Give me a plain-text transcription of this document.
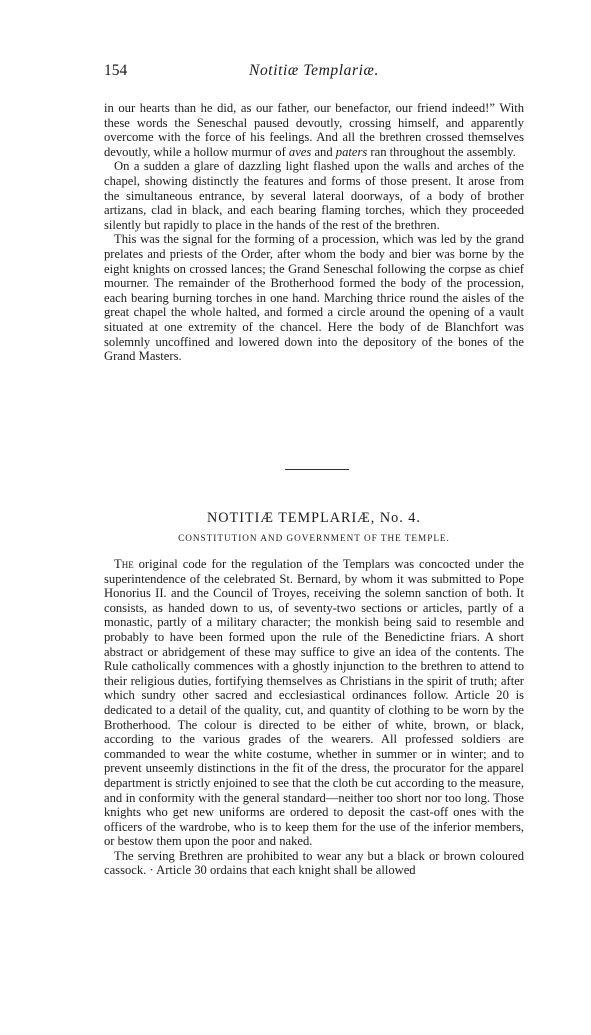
154	Notitiæ Templariæ.

in our hearts than he did, as our father, our benefactor, our friend indeed!” With these words the Seneschal paused devoutly, crossing himself, and apparently overcome with the force of his feelings. And all the brethren crossed themselves devoutly, while a hollow murmur of aves and paters ran throughout the assembly.

On a sudden a glare of dazzling light flashed upon the walls and arches of the chapel, showing distinctly the features and forms of those present. It arose from the simultaneous entrance, by several lateral doorways, of a body of brother artizans, clad in black, and each bearing flaming torches, which they proceeded silently but rapidly to place in the hands of the rest of the brethren.

This was the signal for the forming of a procession, which was led by the grand prelates and priests of the Order, after whom the body and bier was borne by the eight knights on crossed lances; the Grand Seneschal following the corpse as chief mourner. The remainder of the Brotherhood formed the body of the procession, each bearing burning torches in one hand. Marching thrice round the aisles of the great chapel the whole halted, and formed a circle around the opening of a vault situated at one extremity of the chancel. Here the body of de Blanchfort was solemnly uncoffined and lowered down into the depository of the bones of the Grand Masters.

NOTITIÆ TEMPLARIÆ, No. 4.
CONSTITUTION AND GOVERNMENT OF THE TEMPLE.

The original code for the regulation of the Templars was concocted under the superintendence of the celebrated St. Bernard, by whom it was submitted to Pope Honorius II. and the Council of Troyes, receiving the solemn sanction of both. It consists, as handed down to us, of seventy-two sections or articles, partly of a monastic, partly of a military character; the monkish being said to resemble and probably to have been formed upon the rule of the Benedictine friars. A short abstract or abridgement of these may suffice to give an idea of the contents. The Rule catholically commences with a ghostly injunction to the brethren to attend to their religious duties, fortifying themselves as Christians in the spirit of truth; after which sundry other sacred and ecclesiastical ordinances follow. Article 20 is dedicated to a detail of the quality, cut, and quantity of clothing to be worn by the Brotherhood. The colour is directed to be either of white, brown, or black, according to the various grades of the wearers. All professed soldiers are commanded to wear the white costume, whether in summer or in winter; and to prevent unseemly distinctions in the fit of the dress, the procurator for the apparel department is strictly enjoined to see that the cloth be cut according to the measure, and in conformity with the general standard—neither too short nor too long. Those knights who get new uniforms are ordered to deposit the cast-off ones with the officers of the wardrobe, who is to keep them for the use of the inferior members, or bestow them upon the poor and naked.

The serving Brethren are prohibited to wear any but a black or brown coloured cassock. · Article 30 ordains that each knight shall be allowed
